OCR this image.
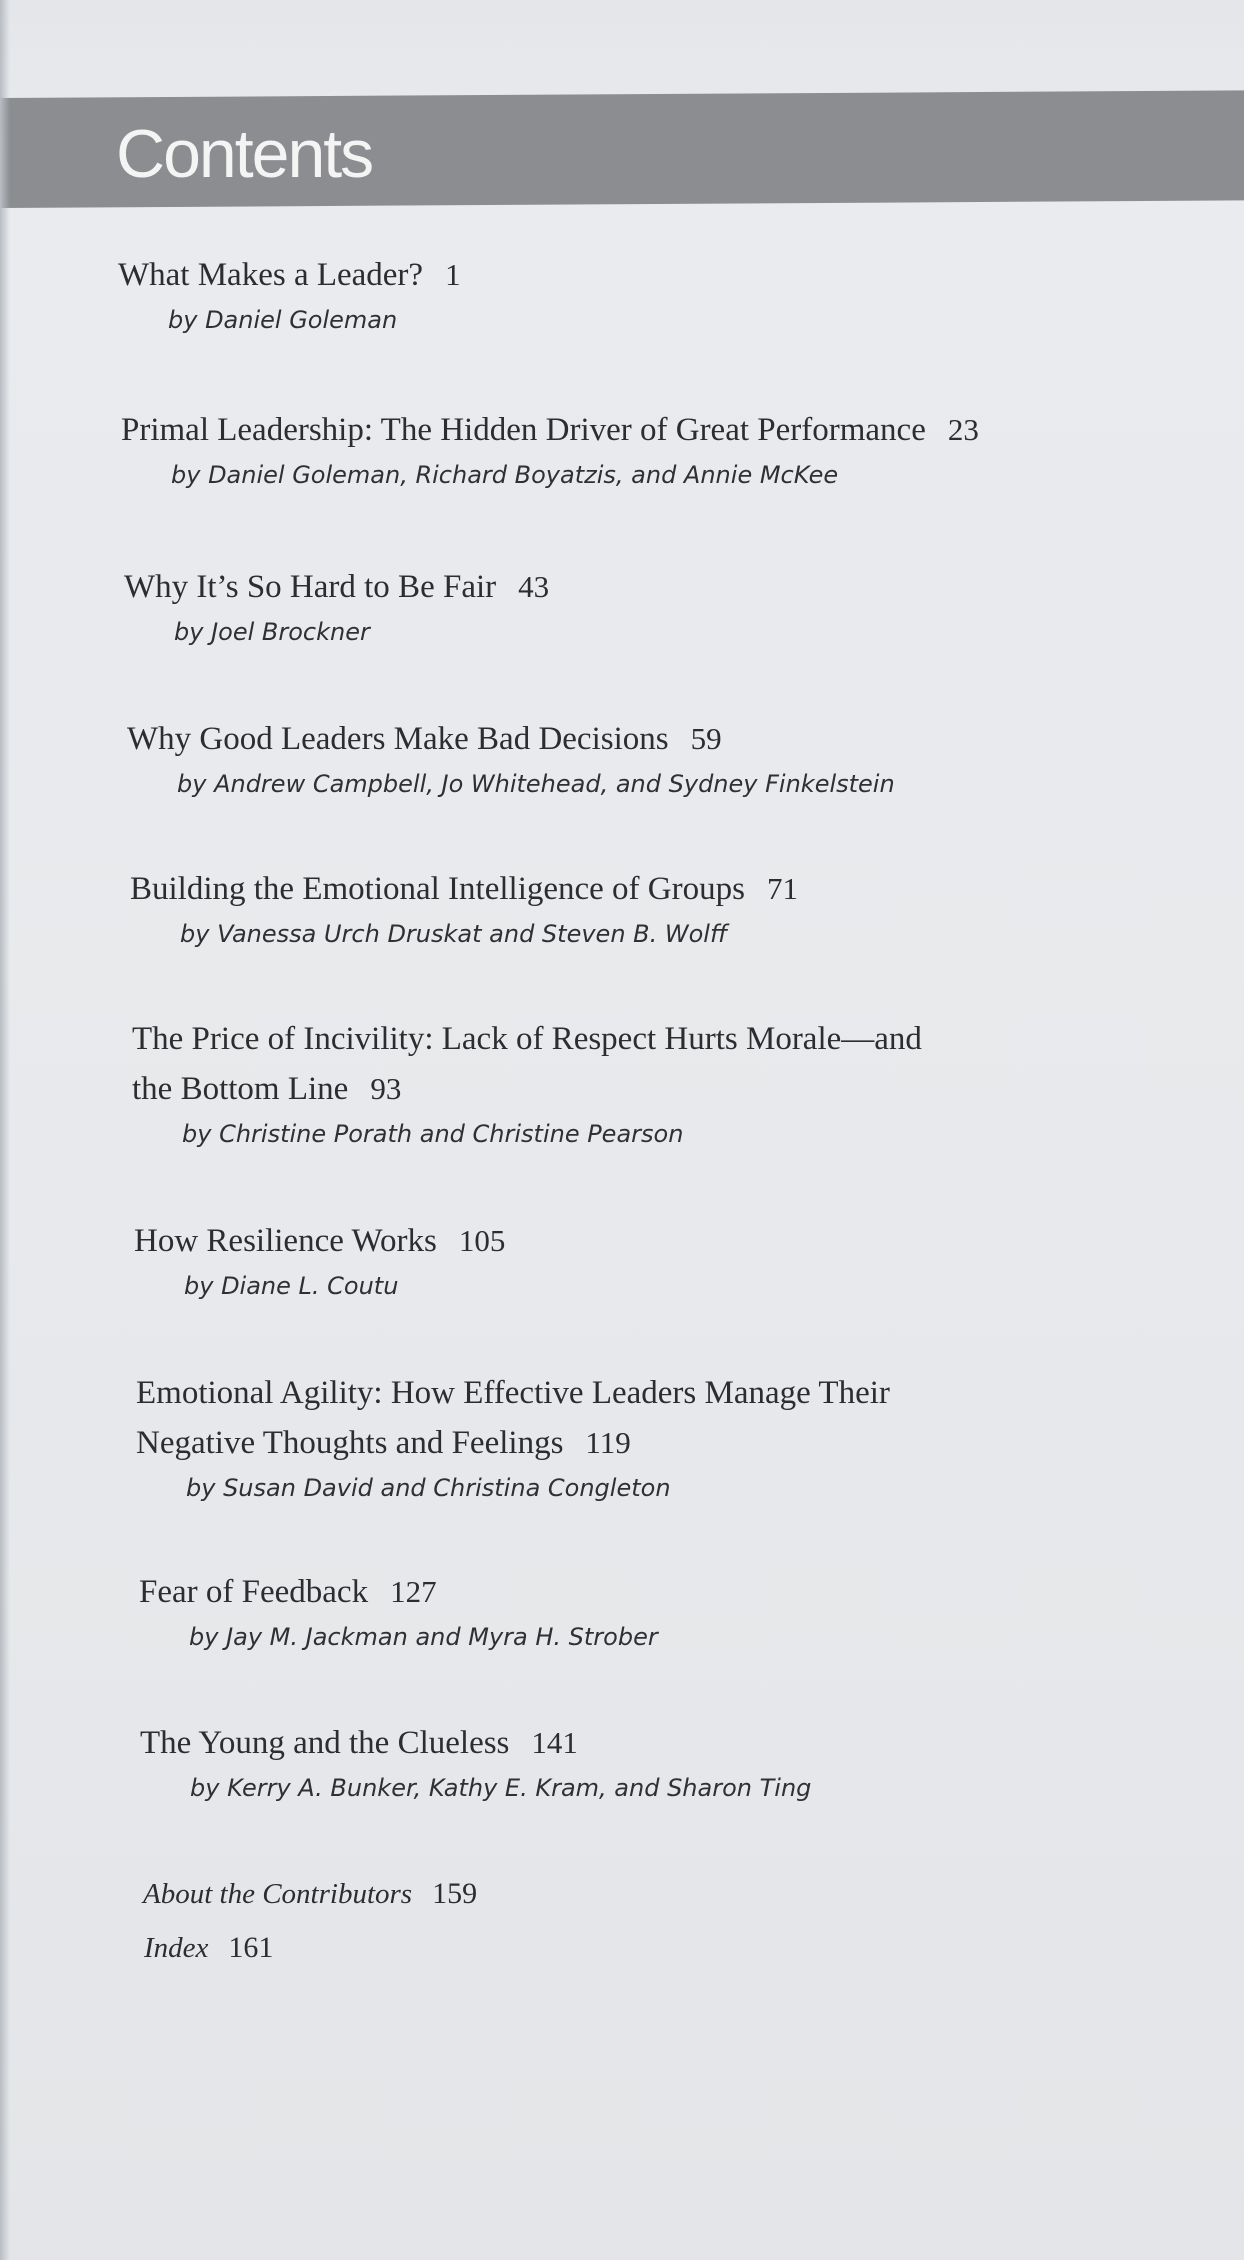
Contents
What Makes a Leader? 1
by Daniel Goleman
Primal Leadership: The Hidden Driver of Great Performance 23
by Daniel Goleman, Richard Boyatzis, and Annie McKee
Why It’s So Hard to Be Fair 43
by Joel Brockner
Why Good Leaders Make Bad Decisions 59
by Andrew Campbell, Jo Whitehead, and Sydney Finkelstein
Building the Emotional Intelligence of Groups 71
by Vanessa Urch Druskat and Steven B. Wolff
The Price of Incivility: Lack of Respect Hurts Morale—and
the Bottom Line 93
by Christine Porath and Christine Pearson
How Resilience Works 105
by Diane L. Coutu
Emotional Agility: How Effective Leaders Manage Their
Negative Thoughts and Feelings 119
by Susan David and Christina Congleton
Fear of Feedback 127
by Jay M. Jackman and Myra H. Strober
The Young and the Clueless 141
by Kerry A. Bunker, Kathy E. Kram, and Sharon Ting
About the Contributors 159
Index 161
